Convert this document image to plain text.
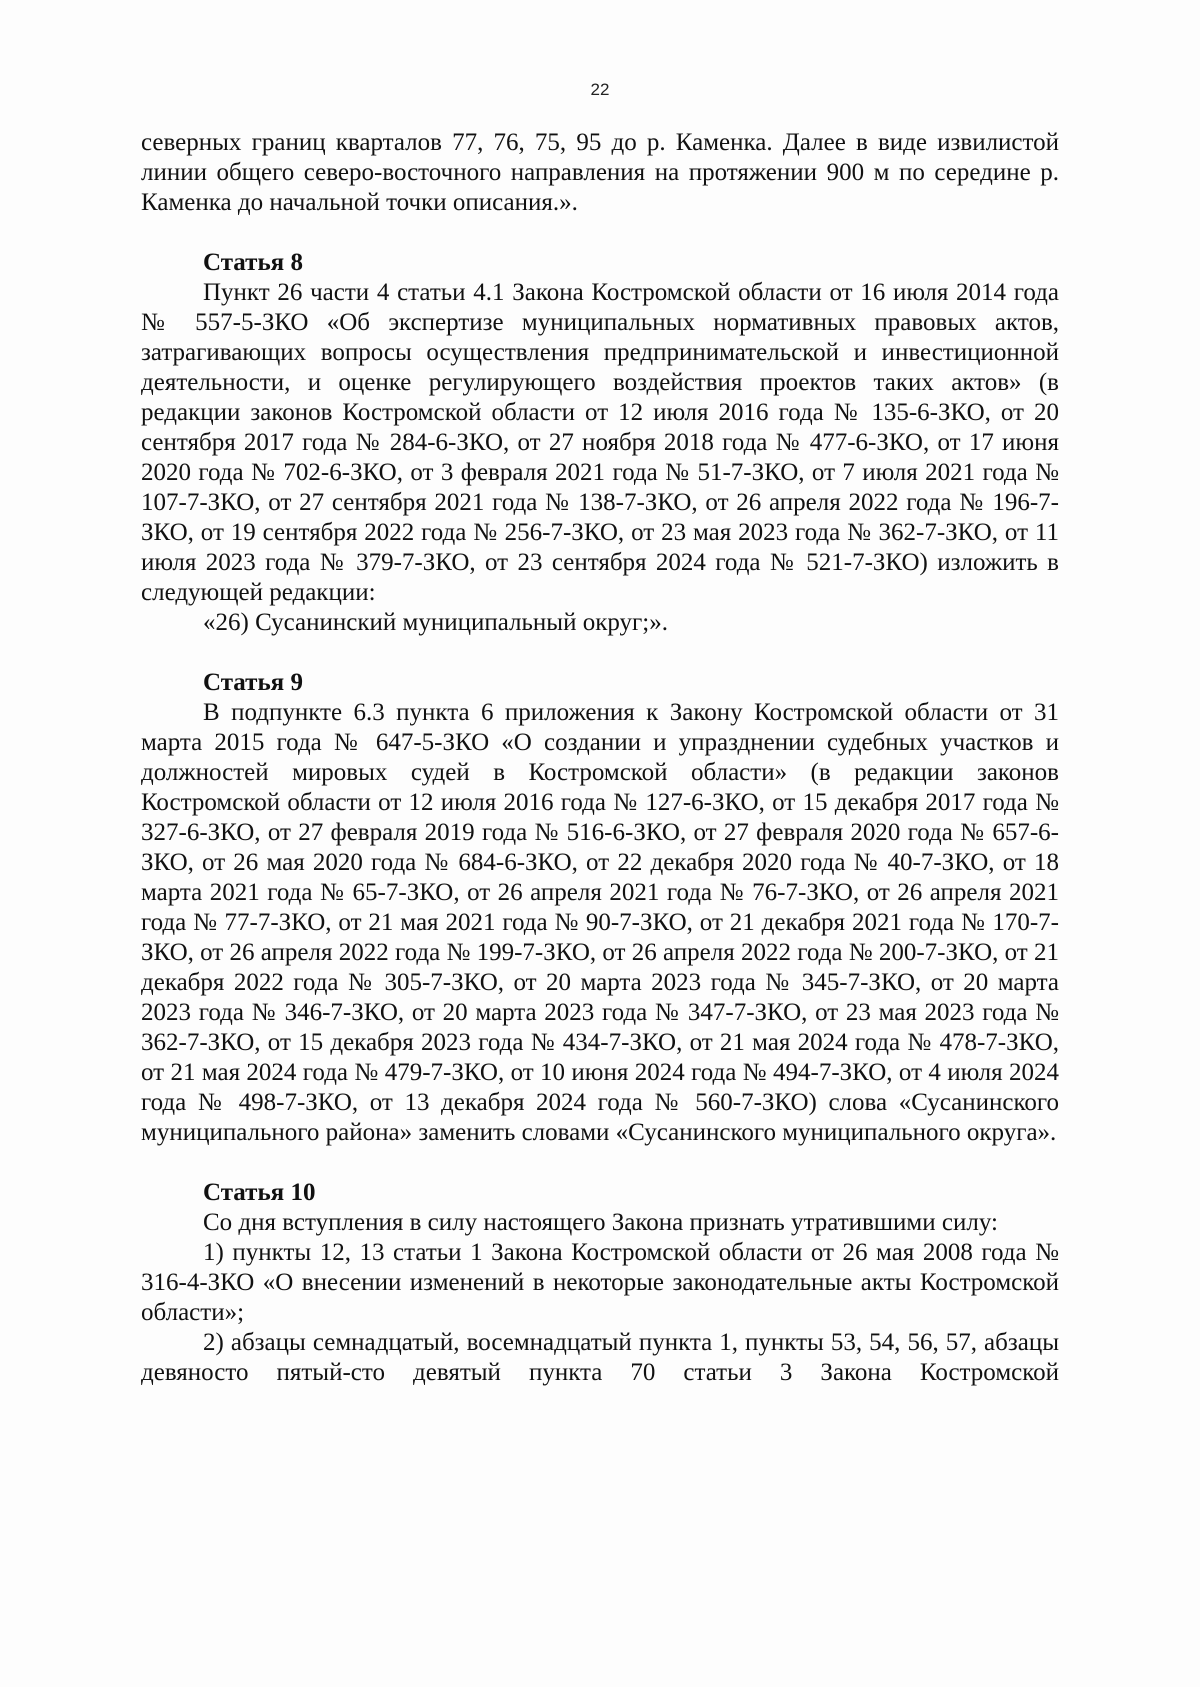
22

северных границ кварталов 77, 76, 75, 95 до р. Каменка. Далее в виде извилистой линии общего северо-восточного направления на протяжении 900 м по середине р. Каменка до начальной точки описания.».

Статья 8

Пункт 26 части 4 статьи 4.1 Закона Костромской области от 16 июля 2014 года № 557-5-ЗКО «Об экспертизе муниципальных нормативных правовых актов, затрагивающих вопросы осуществления предпринимательской и инвестиционной деятельности, и оценке регулирующего воздействия проектов таких актов» (в редакции законов Костромской области от 12 июля 2016 года № 135-6-ЗКО, от 20 сентября 2017 года № 284-6-ЗКО, от 27 ноября 2018 года № 477-6-ЗКО, от 17 июня 2020 года № 702-6-ЗКО, от 3 февраля 2021 года № 51-7-ЗКО, от 7 июля 2021 года № 107-7-ЗКО, от 27 сентября 2021 года № 138-7-ЗКО, от 26 апреля 2022 года № 196-7-ЗКО, от 19 сентября 2022 года № 256-7-ЗКО, от 23 мая 2023 года № 362-7-ЗКО, от 11 июля 2023 года № 379-7-ЗКО, от 23 сентября 2024 года № 521-7-ЗКО) изложить в следующей редакции:

«26) Сусанинский муниципальный округ;».

Статья 9

В подпункте 6.3 пункта 6 приложения к Закону Костромской области от 31 марта 2015 года № 647-5-ЗКО «О создании и упразднении судебных участков и должностей мировых судей в Костромской области» (в редакции законов Костромской области от 12 июля 2016 года № 127-6-ЗКО, от 15 декабря 2017 года № 327-6-ЗКО, от 27 февраля 2019 года № 516-6-ЗКО, от 27 февраля 2020 года № 657-6-ЗКО, от 26 мая 2020 года № 684-6-ЗКО, от 22 декабря 2020 года № 40-7-ЗКО, от 18 марта 2021 года № 65-7-ЗКО, от 26 апреля 2021 года № 76-7-ЗКО, от 26 апреля 2021 года № 77-7-ЗКО, от 21 мая 2021 года № 90-7-ЗКО, от 21 декабря 2021 года № 170-7-ЗКО, от 26 апреля 2022 года № 199-7-ЗКО, от 26 апреля 2022 года № 200-7-ЗКО, от 21 декабря 2022 года № 305-7-ЗКО, от 20 марта 2023 года № 345-7-ЗКО, от 20 марта 2023 года № 346-7-ЗКО, от 20 марта 2023 года № 347-7-ЗКО, от 23 мая 2023 года № 362-7-ЗКО, от 15 декабря 2023 года № 434-7-ЗКО, от 21 мая 2024 года № 478-7-ЗКО, от 21 мая 2024 года № 479-7-ЗКО, от 10 июня 2024 года № 494-7-ЗКО, от 4 июля 2024 года № 498-7-ЗКО, от 13 декабря 2024 года № 560-7-ЗКО) слова «Сусанинского муниципального района» заменить словами «Сусанинского муниципального округа».

Статья 10

Со дня вступления в силу настоящего Закона признать утратившими силу:

1) пункты 12, 13 статьи 1 Закона Костромской области от 26 мая 2008 года № 316-4-ЗКО «О внесении изменений в некоторые законодательные акты Костромской области»;

2) абзацы семнадцатый, восемнадцатый пункта 1, пункты 53, 54, 56, 57, абзацы девяносто пятый-сто девятый пункта 70 статьи 3 Закона Костромской
